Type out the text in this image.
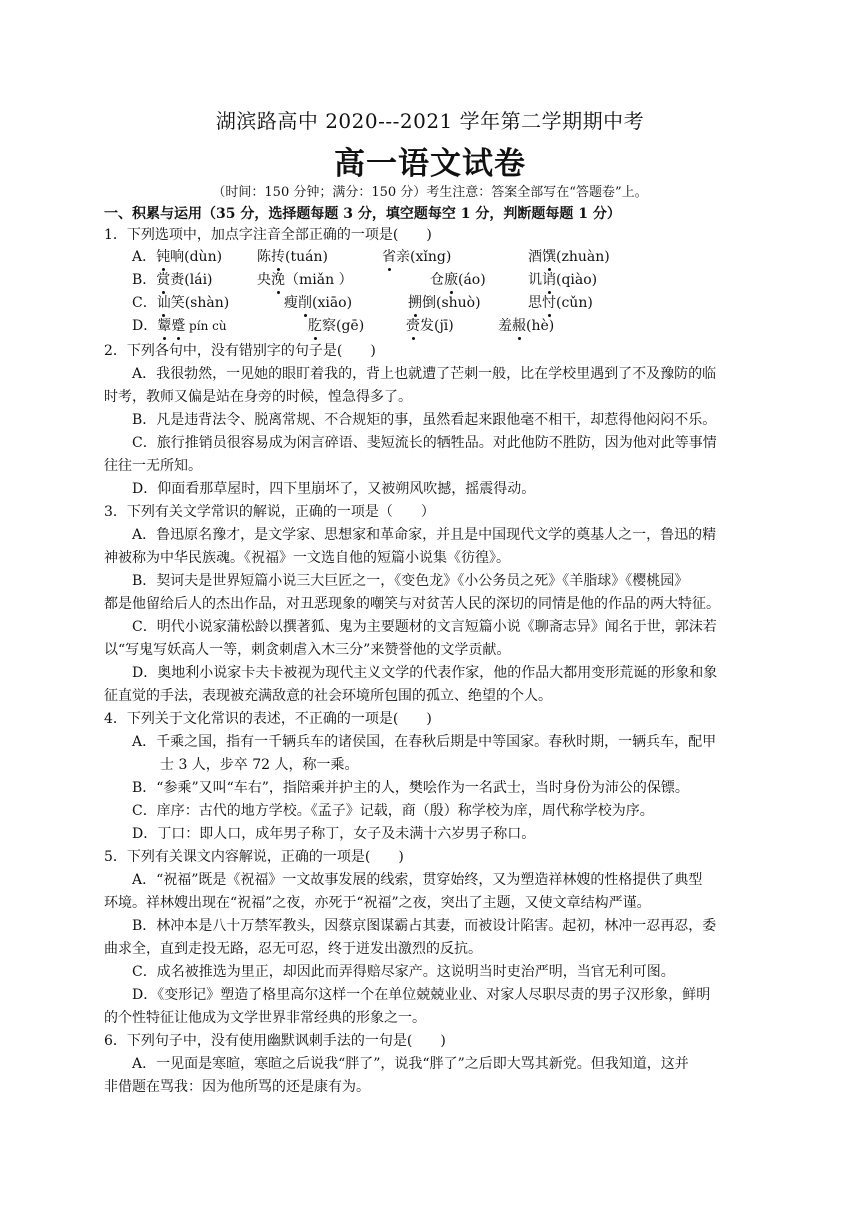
湖滨路高中 2020---2021 学年第二学期期中考
高一语文试卷
（时间：150 分钟；满分：150 分）考生注意：答案全部写在“答题卷”上。
一、积累与运用（35 分，选择题每题 3 分，填空题每空 1 分，判断题每题 1 分）
1．下列选项中，加点字注音全部正确的一项是(　　)
A．钝响(dùn) 陈抟(tuán)	省亲(xǐng)	酒馔(zhuàn)
B．赏赉(lái)	央浼（miǎn ）	仓廒(áo)	讥诮(qiào)
C．讪笑(shàn)	瘦削(xiāo)	搠倒(shuò)	思忖(cǔn)
D．颦蹙 pín cù	肐察(gē)	赍发(jī)	羞赧(hè)
2．下列各句中，没有错别字的句子是(　　)
A．我很勃然，一见她的眼盯着我的，背上也就遭了芒刺一般，比在学校里遇到了不及豫防的临
时考，教师又偏是站在身旁的时候，惶急得多了。
B．凡是违背法令、脱离常规、不合规矩的事，虽然看起来跟他毫不相干，却惹得他闷闷不乐。
C．旅行推销员很容易成为闲言碎语、斐短流长的牺牲品。对此他防不胜防，因为他对此等事情
往往一无所知。
D．仰面看那草屋时，四下里崩坏了，又被朔风吹撼，摇震得动。
3．下列有关文学常识的解说，正确的一项是（　　）
A．鲁迅原名豫才，是文学家、思想家和革命家，并且是中国现代文学的奠基人之一，鲁迅的精
神被称为中华民族魂。《祝福》一文选自他的短篇小说集《彷徨》。
B．契诃夫是世界短篇小说三大巨匠之一，《变色龙》《小公务员之死》《羊脂球》《樱桃园》
都是他留给后人的杰出作品，对丑恶现象的嘲笑与对贫苦人民的深切的同情是他的作品的两大特征。
C．明代小说家蒲松龄以撰著狐、鬼为主要题材的文言短篇小说《聊斋志异》闻名于世，郭沫若
以“写鬼写妖高人一等，刺贪刺虐入木三分”来赞誉他的文学贡献。
D．奥地利小说家卡夫卡被视为现代主义文学的代表作家，他的作品大都用变形荒诞的形象和象
征直觉的手法，表现被充满敌意的社会环境所包围的孤立、绝望的个人。
4．下列关于文化常识的表述，不正确的一项是(　　)
A．千乘之国，指有一千辆兵车的诸侯国，在春秋后期是中等国家。春秋时期，一辆兵车，配甲
士 3 人，步卒 72 人，称一乘。
B．“参乘”又叫“车右”，指陪乘并护主的人，樊哙作为一名武士，当时身份为沛公的保镖。
C．庠序：古代的地方学校。《孟子》记载，商（殷）称学校为庠，周代称学校为序。
D．丁口：即人口，成年男子称丁，女子及未满十六岁男子称口。
5．下列有关课文内容解说，正确的一项是(　　)
A．“祝福”既是《祝福》一文故事发展的线索，贯穿始终，又为塑造祥林嫂的性格提供了典型
环境。祥林嫂出现在“祝福”之夜，亦死于“祝福”之夜，突出了主题，又使文章结构严谨。
B．林冲本是八十万禁军教头，因蔡京图谋霸占其妻，而被设计陷害。起初，林冲一忍再忍，委
曲求全，直到走投无路，忍无可忍，终于迸发出激烈的反抗。
C．成名被推选为里正，却因此而弄得赔尽家产。这说明当时吏治严明，当官无利可图。
D．《变形记》塑造了格里高尔这样一个在单位兢兢业业、对家人尽职尽责的男子汉形象，鲜明
的个性特征让他成为文学世界非常经典的形象之一。
6．下列句子中，没有使用幽默讽刺手法的一句是(　　)
A．一见面是寒暄，寒暄之后说我“胖了”，说我“胖了”之后即大骂其新党。但我知道，这并
非借题在骂我：因为他所骂的还是康有为。
